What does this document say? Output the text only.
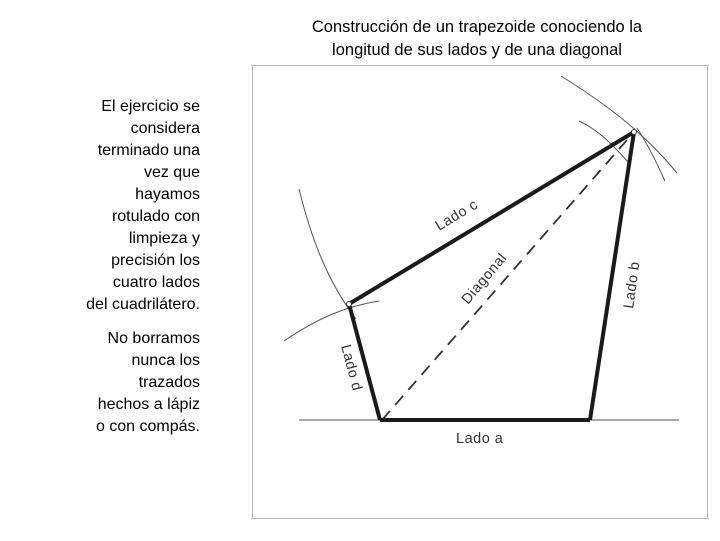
Construcción de un trapezoide conociendo la
longitud de sus lados y de una diagonal
El ejercicio se
considera
terminado una
vez que
hayamos
rotulado con
limpieza y
precisión los
cuatro lados
del cuadrilátero.
No borramos
nunca los
trazados
hechos a lápiz
o con compás.
Lado a
Lado b
Lado c
Lado d
Diagonal
